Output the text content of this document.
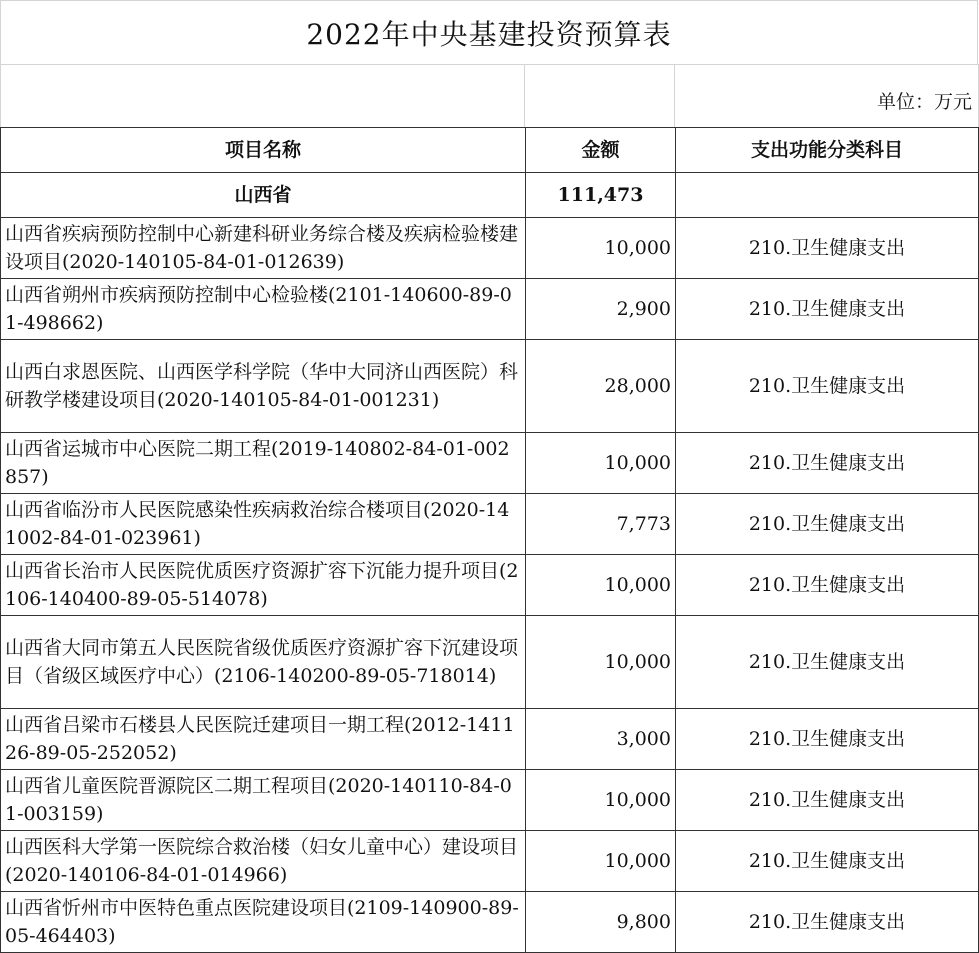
2022年中央基建投资预算表
单位：万元
项目名称	金额	支出功能分类科目
山西省	111,473	
山西省疾病预防控制中心新建科研业务综合楼及疾病检验楼建设项目(2020-140105-84-01-012639)	10,000	210.卫生健康支出
山西省朔州市疾病预防控制中心检验楼(2101-140600-89-01-498662)	2,900	210.卫生健康支出
山西白求恩医院、山西医学科学院（华中大同济山西医院）科研教学楼建设项目(2020-140105-84-01-001231)	28,000	210.卫生健康支出
山西省运城市中心医院二期工程(2019-140802-84-01-002857)	10,000	210.卫生健康支出
山西省临汾市人民医院感染性疾病救治综合楼项目(2020-141002-84-01-023961)	7,773	210.卫生健康支出
山西省长治市人民医院优质医疗资源扩容下沉能力提升项目(2106-140400-89-05-514078)	10,000	210.卫生健康支出
山西省大同市第五人民医院省级优质医疗资源扩容下沉建设项目（省级区域医疗中心）(2106-140200-89-05-718014)	10,000	210.卫生健康支出
山西省吕梁市石楼县人民医院迁建项目一期工程(2012-141126-89-05-252052)	3,000	210.卫生健康支出
山西省儿童医院晋源院区二期工程项目(2020-140110-84-01-003159)	10,000	210.卫生健康支出
山西医科大学第一医院综合救治楼（妇女儿童中心）建设项目(2020-140106-84-01-014966)	10,000	210.卫生健康支出
山西省忻州市中医特色重点医院建设项目(2109-140900-89-05-464403)	9,800	210.卫生健康支出
